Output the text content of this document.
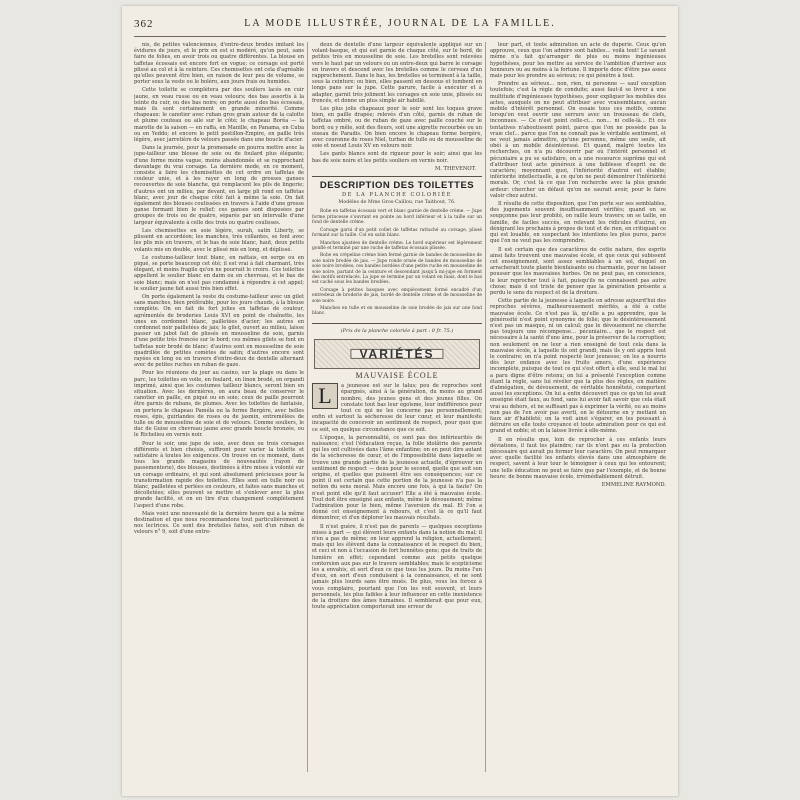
362	LA MODE ILLUSTRÉE, JOURNAL DE LA FAMILLE.

nis, de petites valenciennes, d'entre-deux brodés imitant les évidures de jours, et le prix en est si modéré, qu'on peut, sans faire de folies, en avoir trois ou quatre différentes. La blouse en taffetas écossais est encore fort en vogue; ce corsage est porté plissé au col et à la ceinture. Ces chemisettes ont cela d'agréable qu'elles peuvent être bien, en raison de leur peu de volume, se porter sous la veste ou le boléro, aux jours frais ou humides.

Cette toilette se complètera par des souliers lacés en cuir jaune, en veau russe ou en veau velours; des bas assortis à la teinte du cuir, ou des bas noirs; on porte aussi des bas écossais, mais ils sont certainement en grande minorité. Comme chapeaux: le canotier avec ruban gros grain autour de la calotte et plume couteau ou aile sur le côté; le chapeau Boréa — la marotte de la saison — en raffa, en Manille, en Panama, en Cuba ou en Yeddo; et encore le petit postillon-Empire, en paille très légère, avec jarretière de velours passée dans une boucle d'acier.

Dans la journée, pour la promenade on pourra mettre avec la jupe-tailleur une blouse de soie ou de foulard plus élégante; d'une forme moins vague, moins abandonnée et se rapprochant davantage du vrai corsage. La dernière mode, en ce moment, consiste à faire les chemisettes de cet ordre en taffetas de couleur unie, et à les rayer en long de grosses ganses recouvertes de soie blanche, qui remplacent les plis de lingerie; d'autres ont un milieu, par devant, en large pli rond en taffetas blanc, avec jour de chaque côté fait à même la soie. On fait également des blouses coulissées en travers à l'aide d'une grosse ganse formant bien le relief; ces ganses sont disposées par groupes de trois ou de quatre, séparés par un intervalle d'une largeur équivalente à celle des trois ou quatre coulisses.

Les chemisettes en soie légère, surah, satin Liberty, se plissent en accordéon; les manches, très collantes, se font avec les plis mis en travers, et le bas de soie blanc, haut, deux petits volants mis en double, avec le plissé mis en long, et déplissé.

Le costume-tailleur tout blanc, en nattais, en serge ou en piqué, se porte beaucoup cet été; il est vrai à fait charmant, très élégant, et moins fragile qu'on ne pourrait le croire. Ces toilettes appellent le soulier blanc en daim ou en chevreau, et le bas de soie blanc; mais on n'est pas condamné à répondre à cet appel; le soulier jaune fait aussi très bien effet.

On porte également la veste du costume-tailleur avec un gilet sans manches, bien préférable, pour les jours chauds, à la blouse complète. On en fait de fort jolies en taffetas de couleur, agrémentés de broderies Louis XVI en point de chaînette, les unes en cordonnet blanc, pailletées d'acier; les autres en cordonnet noir pailletées de jais; le gilet, ouvert au milieu, laisse passer un jabot fait de plissés en mousseline de soie, garnis d'une petite très froncée sur le bord; ces mêmes gilets se font en taffetas noir brodé de blanc: d'autres sont en mousseline de soie quadrillée de petites comètes de satin; d'autres encore sont rayées en long ou en travers d'entre-deux de dentelle alternant avec de petites ruches en ruban de gaze.

Pour les réunions du jour au casino, sur la plage ou dans le parc, les toilettes en voile, en foulard, en linon brodé, en organdi imprimé, ainsi que les costumes tailleur blancs, seront bien en situation. Avec les dernières, on aura beau de conserver le canotier en paille, en piqué ou en soie; ceux de paille pourront être garnis de rubans, de plumes. Avec les toilettes de fantaisie, on portera le chapeau Paméla ou la forme Bergère, avec belles roses, épis, guirlandes de roses ou de jasmin, entremêlées de tulle ou de mousseline de soie et de velours. Comme souliers, le duc de Guise en chevreau jaune avec grande boucle bronzée, ou le Richelieu en vernis noir.

Pour le soir, une jupe de soie, avec deux ou trois corsages différents et bien choisis, suffiront pour varier la toilette et satisfaire à toutes les exigences. On trouve en ce moment, dans tous les grands magasins de nouveautés (rayon de passementerie), des blouses, destinées à être mises à volonté sur un corsage ordinaire, et qui sont absolument précieuses pour la transformation rapide des toilettes. Elles sont en tulle noir ou blanc, pailletées et perlées en couleurs, et faites sans manches et décolletées; elles peuvent se mettre et s'enlever avec la plus grande facilité, et on en tire d'un changement complètement l'aspect d'une robe.

Mais voici une nouveauté de la dernière heure qui a la même destination et que nous recommandons tout particulièrement à nos lectrices. Ce sont des bretelles faites, soit d'un ruban de velours n° 9, soit d'une entre-

deux de dentelle d'une largeur équivalente appliqué sur un volant-basque, et qui est garnie de chaque côté, sur le bord, de petites très en mousseline de soie. Les bretelles sont relevées vers le haut par un velours ou un entre-deux qui barre le corsage en travers et descend avec les bretelles comme le cerveau d'un rapprochement. Dans le bas, les bretelles se terminent à la taille, sous la ceinture; ou bien, elles passent en dessous et tombent en longs pans sur la jupe. Cette parure, facile à exécuter et à adapter, garnit très joliment les corsages en soie unie, plissés ou froncés, et donne un plus simple air habillé.

Les plus jolis chapeaux pour le soir sont les toques grave bien, en paille drapée; relevés d'un côté, garnis de ruban de taffetas ombré, ou de ruban de gaze avec paille couché sur le bord; ou y mêle, soit des fleurs, soit une aigrette recourbée ou un oiseau de Paradis. On bien encore le chapeau forme bergère, avec couronne de roses Niel, turban de tulle ou de mousseline de soie et noeud Louis XV en velours noir.

Les gants blancs sont de rigueur pour le soir; ainsi que les bas de soie noire et les petits souliers en vernis noir.

M. THEVENOT.
DESCRIPTION DES TOILETTES
DE LA PLANCHE COLORIÉE
Modèles de Mme Gros-Caillou, rue Taitbout, 76.

Robe en taffetas écossais vert et blanc garnie de dentelle crème. — Jupe forme princesse s'ouvrant en pointe au bord inférieur et à la taille sur un fond de dentelle crème.

Corsage garni d'un petit collet de taffetas rattaché au corsage, plissé formant sur la taille. Col en satin blanc.

Manches ajustées de dentelle crème. Le bord supérieur est légèrement gonflé et terminé par une ruche de taffetas écossais plissée.

Robe en crépeline crème bien fermé garnie de bandes de mousseline de soie noire brodée de jais. — Jupe ronde ornée de bandes de mousseline de soie noire brodées; ces bandes bordées d'une petite ruche en mousseline de soie noire, partant de la ceinture et descendant jusqu'à mi-jupe en forment des motifs entrelacés. La jupe se termine par un volant en biais, dont le bas est caché sous les bandes brodées.

Corsage à petites basques avec empiècement formé encadré d'un entredeux de broderie de jais, bordé de dentelle crème et de mousseline de soie noire.

Manches en tulle et en mousseline de soie brodée de jais sur une fond blanc.

(Prix de la planche coloriée à part : 0 fr. 75.)
VARIÉTÉS
MAUVAISE ÉCOLE
L	a jeunesse est sur le talus; peu de reproches sont épargnés, ainsi à la génération, du moins au grand nombre, des jeunes gens et des jeunes filles. On constate tout bas leur égoïsme, leur indifférence pour tout ce qui ne les concerne pas personnellement; enfin et surtout la sécheresse de leur cœur, et leur manifeste incapacité de concevoir un sentiment de respect, pour quoi que ce soit, en quelque circonstance que ce soit.

L'époque, la personnalité, ce sont pas des inférieurités de naissance; c'est l'éducation reçue, la folle idolâtrie des parents qui les ont cultivées dans l'âme enfantine; on en peut dire autant de la sécheresse de cœur, et de l'impossibilité dans laquelle se trouve une grande partie de la jeunesse actuelle, d'éprouver un sentiment de respect — deux pour le second, quelle que soit son origine, et quelles que puissent être ses conséquences; sur ce point il est certain que cette portion de la jeunesse n'a pas la notion du sens moral. Mais encore une fois, à qui la faute? On n'est point elle qu'il faut accuser! Elle a été à mauvaise école. Tout doit être enseigné aux enfants, même le dévouement; même l'admiration pour le bien, même l'aversion du mal. Et l'on a donné cet enseignement à rebours, et c'est là ce qu'il faut démontrer, et d'en déplorer les mauvais résultats.

Il n'est guère, il n'est pas de parents — quelques exceptions mises à part — qui élèvent leurs enfants dans la notion du mal; il n'en a pas de même; on leur apprend la religion, actuellement; mais qui les élèvent dans la connaissance et le respect du bien, et ceci et non à l'occasion de fort honnêtes gens; que de traits de lumière en effet; cependant comme aux petits quelque contorsion aux pas sur le travers semblables; mais le scepticisme les a envahis, et sort d'eux ce que tous les jours. Du moins l'un d'eux, en sort d'eux conduisent à la connaissance, et ne sont jamais plus lourds sans être mués. De plus, vous les forcez à vous complaire, pourtant que l'on les voit souvent, et leurs personnels, les plus faibles à leur influencer en cette inexistence de la droiture des âmes humaines. Il semblerait que pour eux, toute appréciation comporterait une erreur de

leur part, et toute admiration un acte de duperie. Ceux qu'on approuve, ceux que l'on admire sont habiles… voilà tout! Le savant même n'a fait qu'arranger de plus ou moins ingénieuses hypothèses, pour les mettre au service de l'ambition d'arriver aux honneurs ou au moins à la fortune. Il importe donc d'être pas assez mais pour les prendre au sérieux; ce qui pénètre à tout.

Prendre au sérieux… non, rien, ni personne — sauf exception toutefois; c'est la règle de conduite; aussi faut-il se livrer à une multitude d'ingénieuses hypothèses, pour expliquer les mobiles des actes, auxquels on ne peut attribuer avec vraisemblance, aucun mobile d'intérêt personnel. On essaie tous ces motifs, comme lorsqu'on veut ouvrir une serrure avec un trousseau de clefs, inconnues. — Ce n'est point celle-ci… non… ni celle-là… Et ces tentatives n'aboutissent point, parce que l'on ne possède pas la vraie clef… parce que l'on ne connaît pas le véritable sentiment, et ne veut jamais admettre, qu'une personne, même une seule, ait obéi à un mobile désintéressé. Et quand, malgré toutes les recherches, on n'a pu découvrir par où l'intérêt personnel et pécuniaire a pu se satisfaire, on a une ressource suprême qui est d'attribuer tout acte généreux à une faiblesse d'esprit ou de caractère; moyennant quoi, l'infériorité d'autrui est établie; infériorité intellectuelle, à ce qu'on ne peut démontrer l'infériorité morale. Or, c'est là ce que l'on recherche avec la plus grande ardeur: chercher un défaut qu'on ne saurait avoir, pour le faire valoir chez autrui.

Il résulte de cette disposition, que l'on porte sur ses semblables, des jugements souvent insuffisamment vérifiés; quand on se soupçonne pas leur probité, on raille leurs travers; on se taille, en famille, de faciles succès, en relevant les ridicules d'autrui, en dénigrant les prochains à propos de tout et de rien, en critiquant ce qui est louable, en suspectant les intentions les plus pures, parce que l'on ne veut pas les comprendre.

Il est certain que des caractères de cette nature, des esprits ainsi faits trouvent une mauvaise école, et que ceux qui subissent cet enseignement, sont assez semblables à un sol, duquel on arracherait toute plante bienfaisante ou charmante, pour ne laisser pousser que les mauvaises herbes. On ne peut pas, en conscience, le leur reprocher tout à fait, puisqu'ils ne connaissent pas autre chose; mais il est triste de penser que la génération présente a perdu le sens du respect et de la droiture.

Cette partie de la jeunesse à laquelle on adresse aujourd'hui des reproches sévères, malheureusement mérités, a été à cette mauvaise école. Ce n'est pas là, qu'elle a pu apprendre, que la générosité n'est point synonyme de folie; que le désintéressement n'est pas un masque, ni un calcul; que le dévouement ne cherche pas toujours une récompense… pécuniaire… que le respect est nécessaire à la santé d'une âme, pour la préserver de la corruption; non seulement on ne leur a rien enseigné de tout cela dans la mauvaise école, à laquelle ils ont grandi, mais ils y ont appris tout le contraire; on n'a point respecté leur jeunesse; on les a nourris dès leur enfance avec les fruits amers, d'une expérience incomplète, puisque de tout ce qui s'est offert à elle, seul le mal lui a paru digne d'être retenu; on lui a présenté l'exception comme étant la règle, sans lui révéler que la plus des règles, en matière d'abnégation, de dévouement, de véritable honnêteté, comportent aussi les exceptions. On lui a enfin découvert que ce qu'on lui avait enseigné était faux, au fond, sans lui avoir fait savoir que cela était vrai au dehors, et ne suffisant pas à exprimer la vérité, ou au moins non pas de l'en avoir pas averti, on le détourne en y mettant un faux air d'habileté; on la voit ainsi s'égarer, en les poussant à détruire en elle toute croyance et toute admiration pour ce qui est grand et noble; et on la laisse livrée à elle-même.

Il en résulte que, loin de reprocher à ces enfants leurs déviations, il faut les plaindre; car ils n'ont pas eu la protection nécessaire qui aurait pu former leur caractère. On peut remarquer avec quelle facilité les enfants élevés dans une atmosphère de respect, savent à leur tour le témoigner à ceux qui les entourent; une telle éducation ne peut se faire que par l'exemple, et de bonne heure: de bonne mauvaise école, irrémédiablement détruit.

EMMELINE RAYMOND.
